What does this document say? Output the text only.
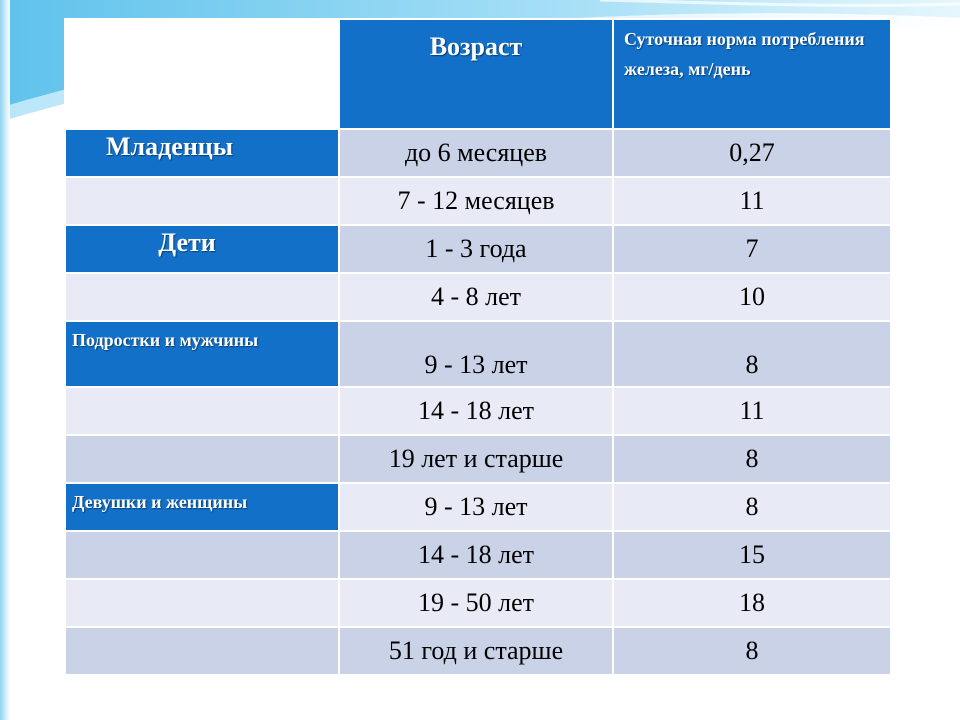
	Возраст	Суточная норма потребления железа, мг/день

Младенцы	до 6 месяцев	0,27
	7 - 12 месяцев	11

Дети	1 - 3 года	7
	4 - 8 лет	10

Подростки и мужчины	9 - 13 лет	8
	14 - 18 лет	11
	19 лет и старше	8

Девушки и женщины	9 - 13 лет	8
	14 - 18 лет	15
	19 - 50 лет	18
	51 год и старше	8
